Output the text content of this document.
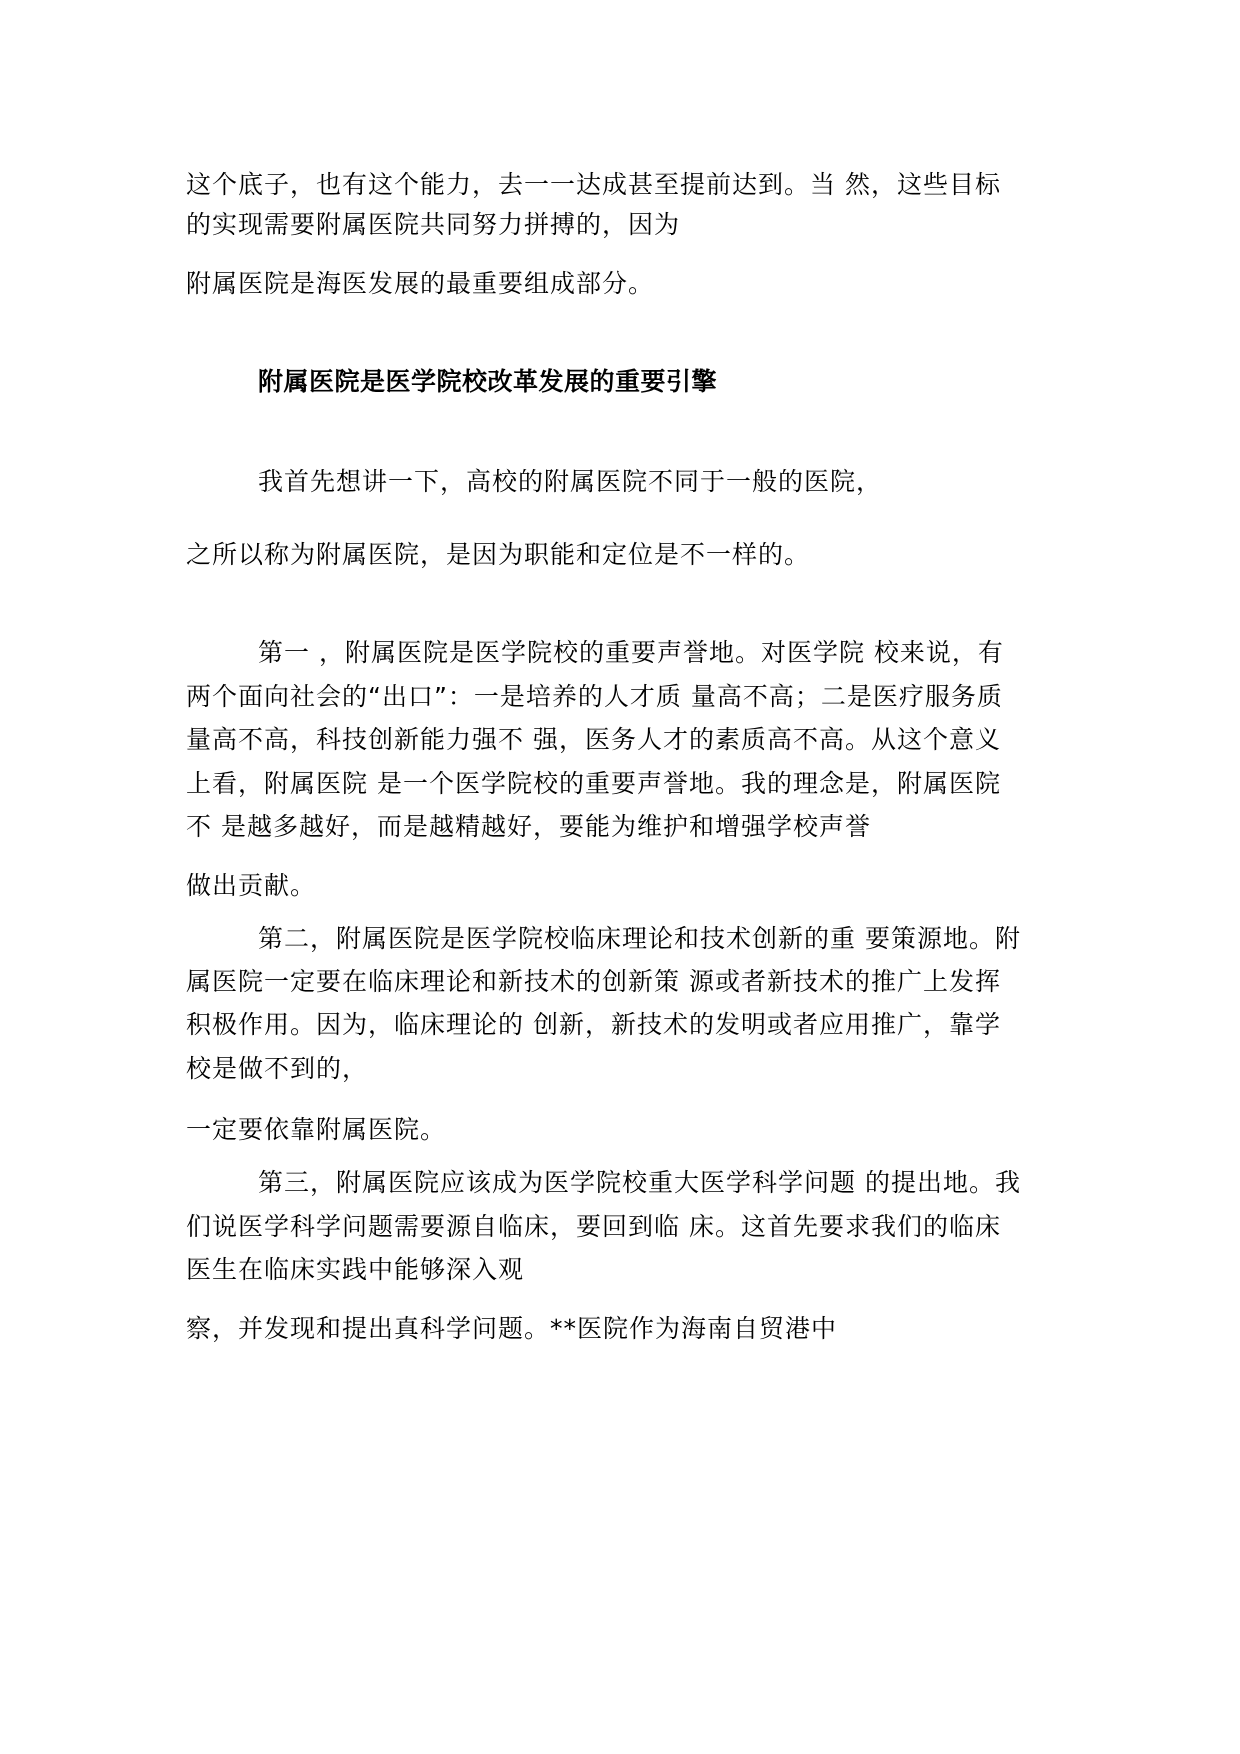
这个底子，也有这个能力，去一一达成甚至提前达到。当 然，这些目标
的实现需要附属医院共同努力拼搏的，因为
附属医院是海医发展的最重要组成部分。
附属医院是医学院校改革发展的重要引擎
我首先想讲一下，高校的附属医院不同于一般的医院，
之所以称为附属医院，是因为职能和定位是不一样的。
第一 ，附属医院是医学院校的重要声誉地。对医学院 校来说，有
两个面向社会的“出口”：一是培养的人才质 量高不高；二是医疗服务质
量高不高，科技创新能力强不 强，医务人才的素质高不高。从这个意义
上看，附属医院 是一个医学院校的重要声誉地。我的理念是，附属医院
不 是越多越好，而是越精越好，要能为维护和增强学校声誉
做出贡献。
第二，附属医院是医学院校临床理论和技术创新的重 要策源地。附
属医院一定要在临床理论和新技术的创新策 源或者新技术的推广上发挥
积极作用。因为，临床理论的 创新，新技术的发明或者应用推广，靠学
校是做不到的，
一定要依靠附属医院。
第三，附属医院应该成为医学院校重大医学科学问题 的提出地。我
们说医学科学问题需要源自临床，要回到临 床。这首先要求我们的临床
医生在临床实践中能够深入观
察，并发现和提出真科学问题。**医院作为海南自贸港中
